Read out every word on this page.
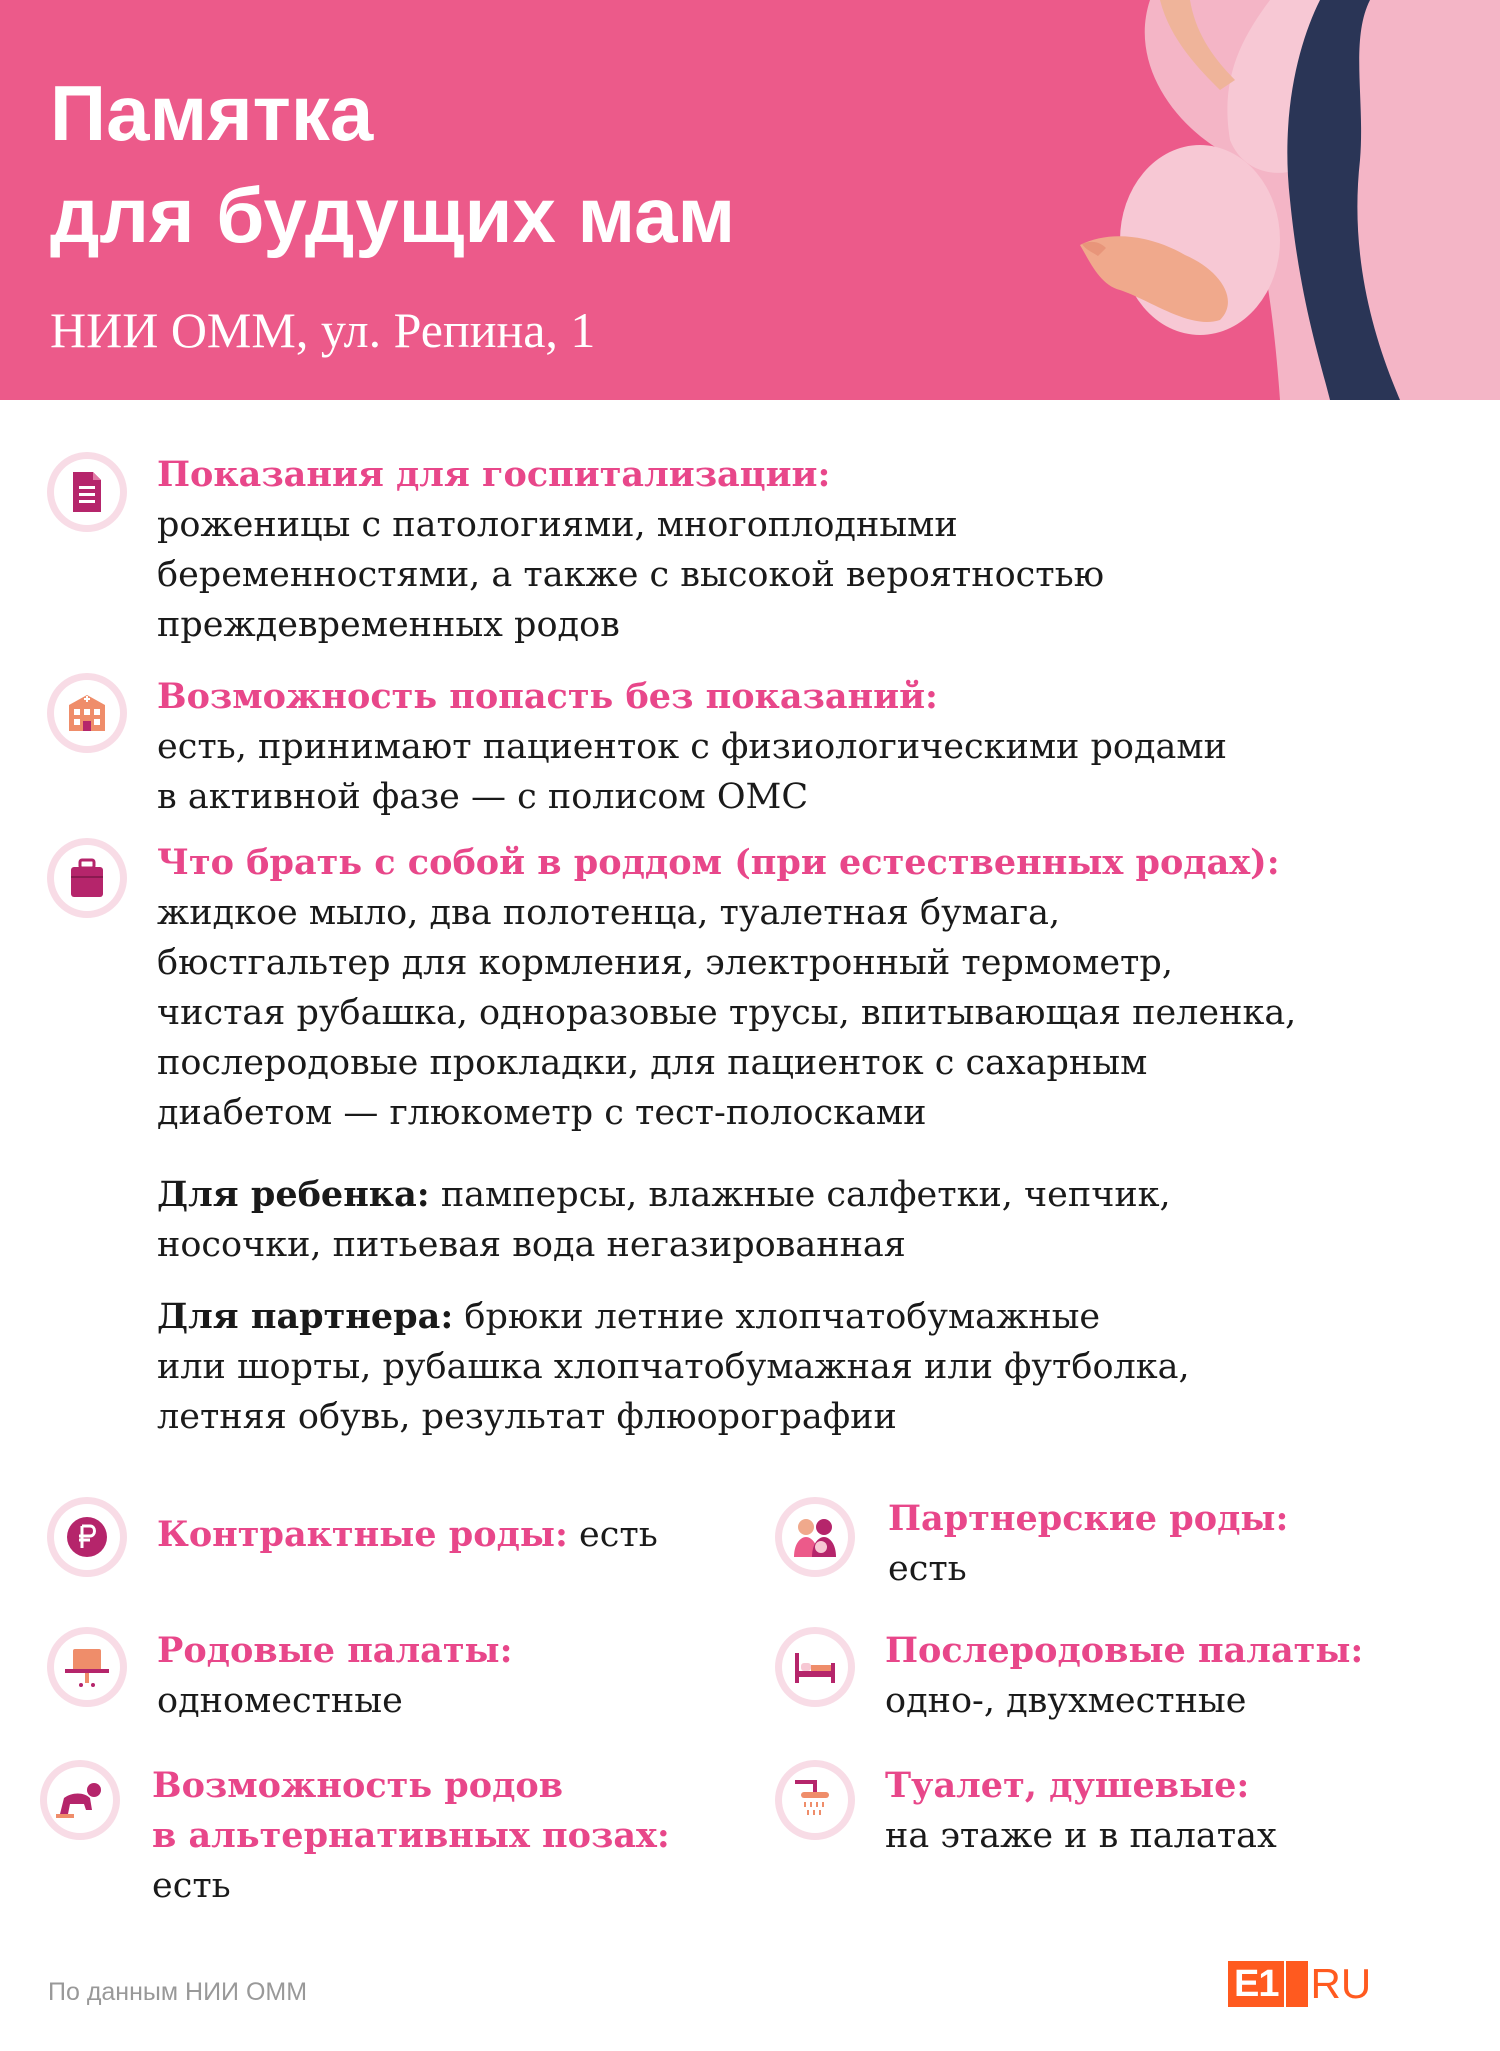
Памятка
для будущих мам
НИИ ОММ, ул. Репина, 1
Показания для госпитализации:
роженицы с патологиями, многоплодными
беременностями, а также с высокой вероятностью
преждевременных родов
Возможность попасть без показаний:
есть, принимают пациенток с физиологическими родами
в активной фазе — с полисом ОМС
Что брать с собой в роддом (при естественных родах):
жидкое мыло, два полотенца, туалетная бумага,
бюстгальтер для кормления, электронный термометр,
чистая рубашка, одноразовые трусы, впитывающая пеленка,
послеродовые прокладки, для пациенток с сахарным
диабетом — глюкометр с тест-полосками
Для ребенка: памперсы, влажные салфетки, чепчик,
носочки, питьевая вода негазированная
Для партнера: брюки летние хлопчатобумажные
или шорты, рубашка хлопчатобумажная или футболка,
летняя обувь, результат флюорографии
Контрактные роды: есть	Партнерские роды:
есть
Родовые палаты:
одноместные
Послеродовые палаты:
одно-, двухместные
Возможность родов
в альтернативных позах:
есть
Туалет, душевые:
на этаже и в палатах
По данным НИИ ОММ	E1 RU
